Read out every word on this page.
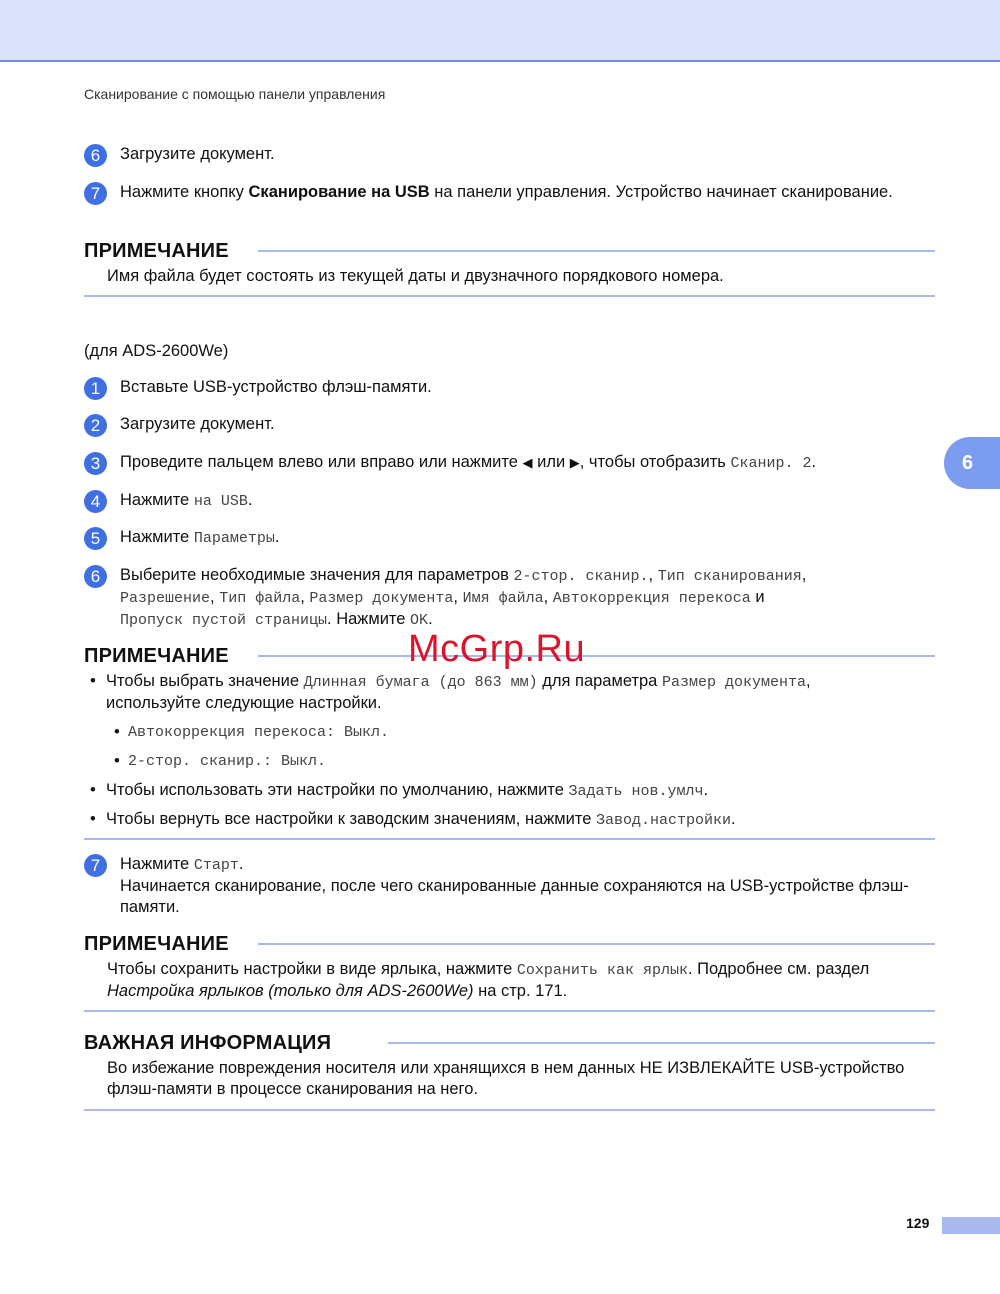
Сканирование с помощью панели управления
6	Загрузите документ.
7	Нажмите кнопку Сканирование на USB на панели управления. Устройство начинает сканирование.
ПРИМЕЧАНИЕ
Имя файла будет состоять из текущей даты и двузначного порядкового номера.
(для ADS-2600We)
1	Вставьте USB-устройство флэш-памяти.
2	Загрузите документ.
3	Проведите пальцем влево или вправо или нажмите ◀ или ▶, чтобы отобразить Сканир. 2.
4	Нажмите на USB.
5	Нажмите Параметры.
6	Выберите необходимые значения для параметров 2-стор. сканир., Тип сканирования,
Разрешение, Тип файла, Размер документа, Имя файла, Автокоррекция перекоса и
Пропуск пустой страницы. Нажмите OK.
ПРИМЕЧАНИЕ
• Чтобы выбрать значение Длинная бумага (до 863 мм) для параметра Размер документа,
используйте следующие настройки.
• Автокоррекция перекоса: Выкл.
• 2-стор. сканир.: Выкл.
• Чтобы использовать эти настройки по умолчанию, нажмите Задать нов.умлч.
• Чтобы вернуть все настройки к заводским значениям, нажмите Завод.настройки.
7	Нажмите Старт.
Начинается сканирование, после чего сканированные данные сохраняются на USB-устройстве флэш-памяти.
ПРИМЕЧАНИЕ
Чтобы сохранить настройки в виде ярлыка, нажмите Сохранить как ярлык. Подробнее см. раздел Настройка ярлыков (только для ADS-2600We) на стр. 171.
ВАЖНАЯ ИНФОРМАЦИЯ
Во избежание повреждения носителя или хранящихся в нем данных НЕ ИЗВЛЕКАЙТЕ USB-устройство флэш-памяти в процессе сканирования на него.
6
129
McGrp.Ru
